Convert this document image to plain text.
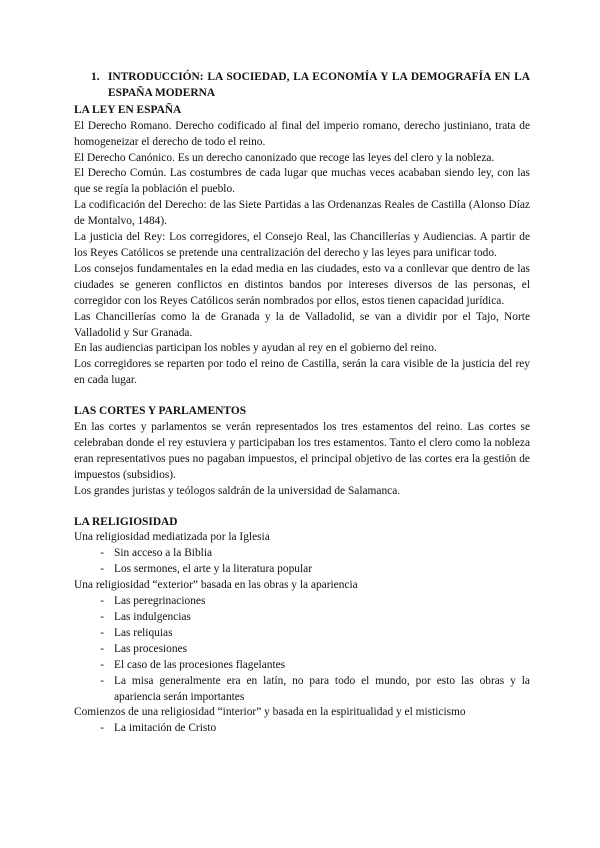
1. INTRODUCCIÓN: LA SOCIEDAD, LA ECONOMÍA Y LA DEMOGRAFÍA EN LA ESPAÑA MODERNA
LA LEY EN ESPAÑA

El Derecho Romano. Derecho codificado al final del imperio romano, derecho justiniano, trata de homogeneizar el derecho de todo el reino.

El Derecho Canónico. Es un derecho canonizado que recoge las leyes del clero y la nobleza.

El Derecho Común. Las costumbres de cada lugar que muchas veces acababan siendo ley, con las que se regía la población el pueblo.

La codificación del Derecho: de las Siete Partidas a las Ordenanzas Reales de Castilla (Alonso Díaz de Montalvo, 1484).

La justicia del Rey: Los corregidores, el Consejo Real, las Chancillerías y Audiencias. A partir de los Reyes Católicos se pretende una centralización del derecho y las leyes para unificar todo.

Los consejos fundamentales en la edad media en las ciudades, esto va a conllevar que dentro de las ciudades se generen conflictos en distintos bandos por intereses diversos de las personas, el corregidor con los Reyes Católicos serán nombrados por ellos, estos tienen capacidad jurídica.

Las Chancillerías como la de Granada y la de Valladolid, se van a dividir por el Tajo, Norte Valladolid y Sur Granada.

En las audiencias participan los nobles y ayudan al rey en el gobierno del reino.

Los corregidores se reparten por todo el reino de Castilla, serán la cara visible de la justicia del rey en cada lugar.

LAS CORTES Y PARLAMENTOS

En las cortes y parlamentos se verán representados los tres estamentos del reino. Las cortes se celebraban donde el rey estuviera y participaban los tres estamentos. Tanto el clero como la nobleza eran representativos pues no pagaban impuestos, el principal objetivo de las cortes era la gestión de impuestos (subsidios).

Los grandes juristas y teólogos saldrán de la universidad de Salamanca.

LA RELIGIOSIDAD

Una religiosidad mediatizada por la Iglesia

- Sin acceso a la Biblia
- Los sermones, el arte y la literatura popular

Una religiosidad “exterior” basada en las obras y la apariencia

- Las peregrinaciones
- Las indulgencias
- Las reliquias
- Las procesiones
- El caso de las procesiones flagelantes
- La misa generalmente era en latín, no para todo el mundo, por esto las obras y la apariencia serán importantes

Comienzos de una religiosidad “interior” y basada en la espiritualidad y el misticismo

- La imitación de Cristo
